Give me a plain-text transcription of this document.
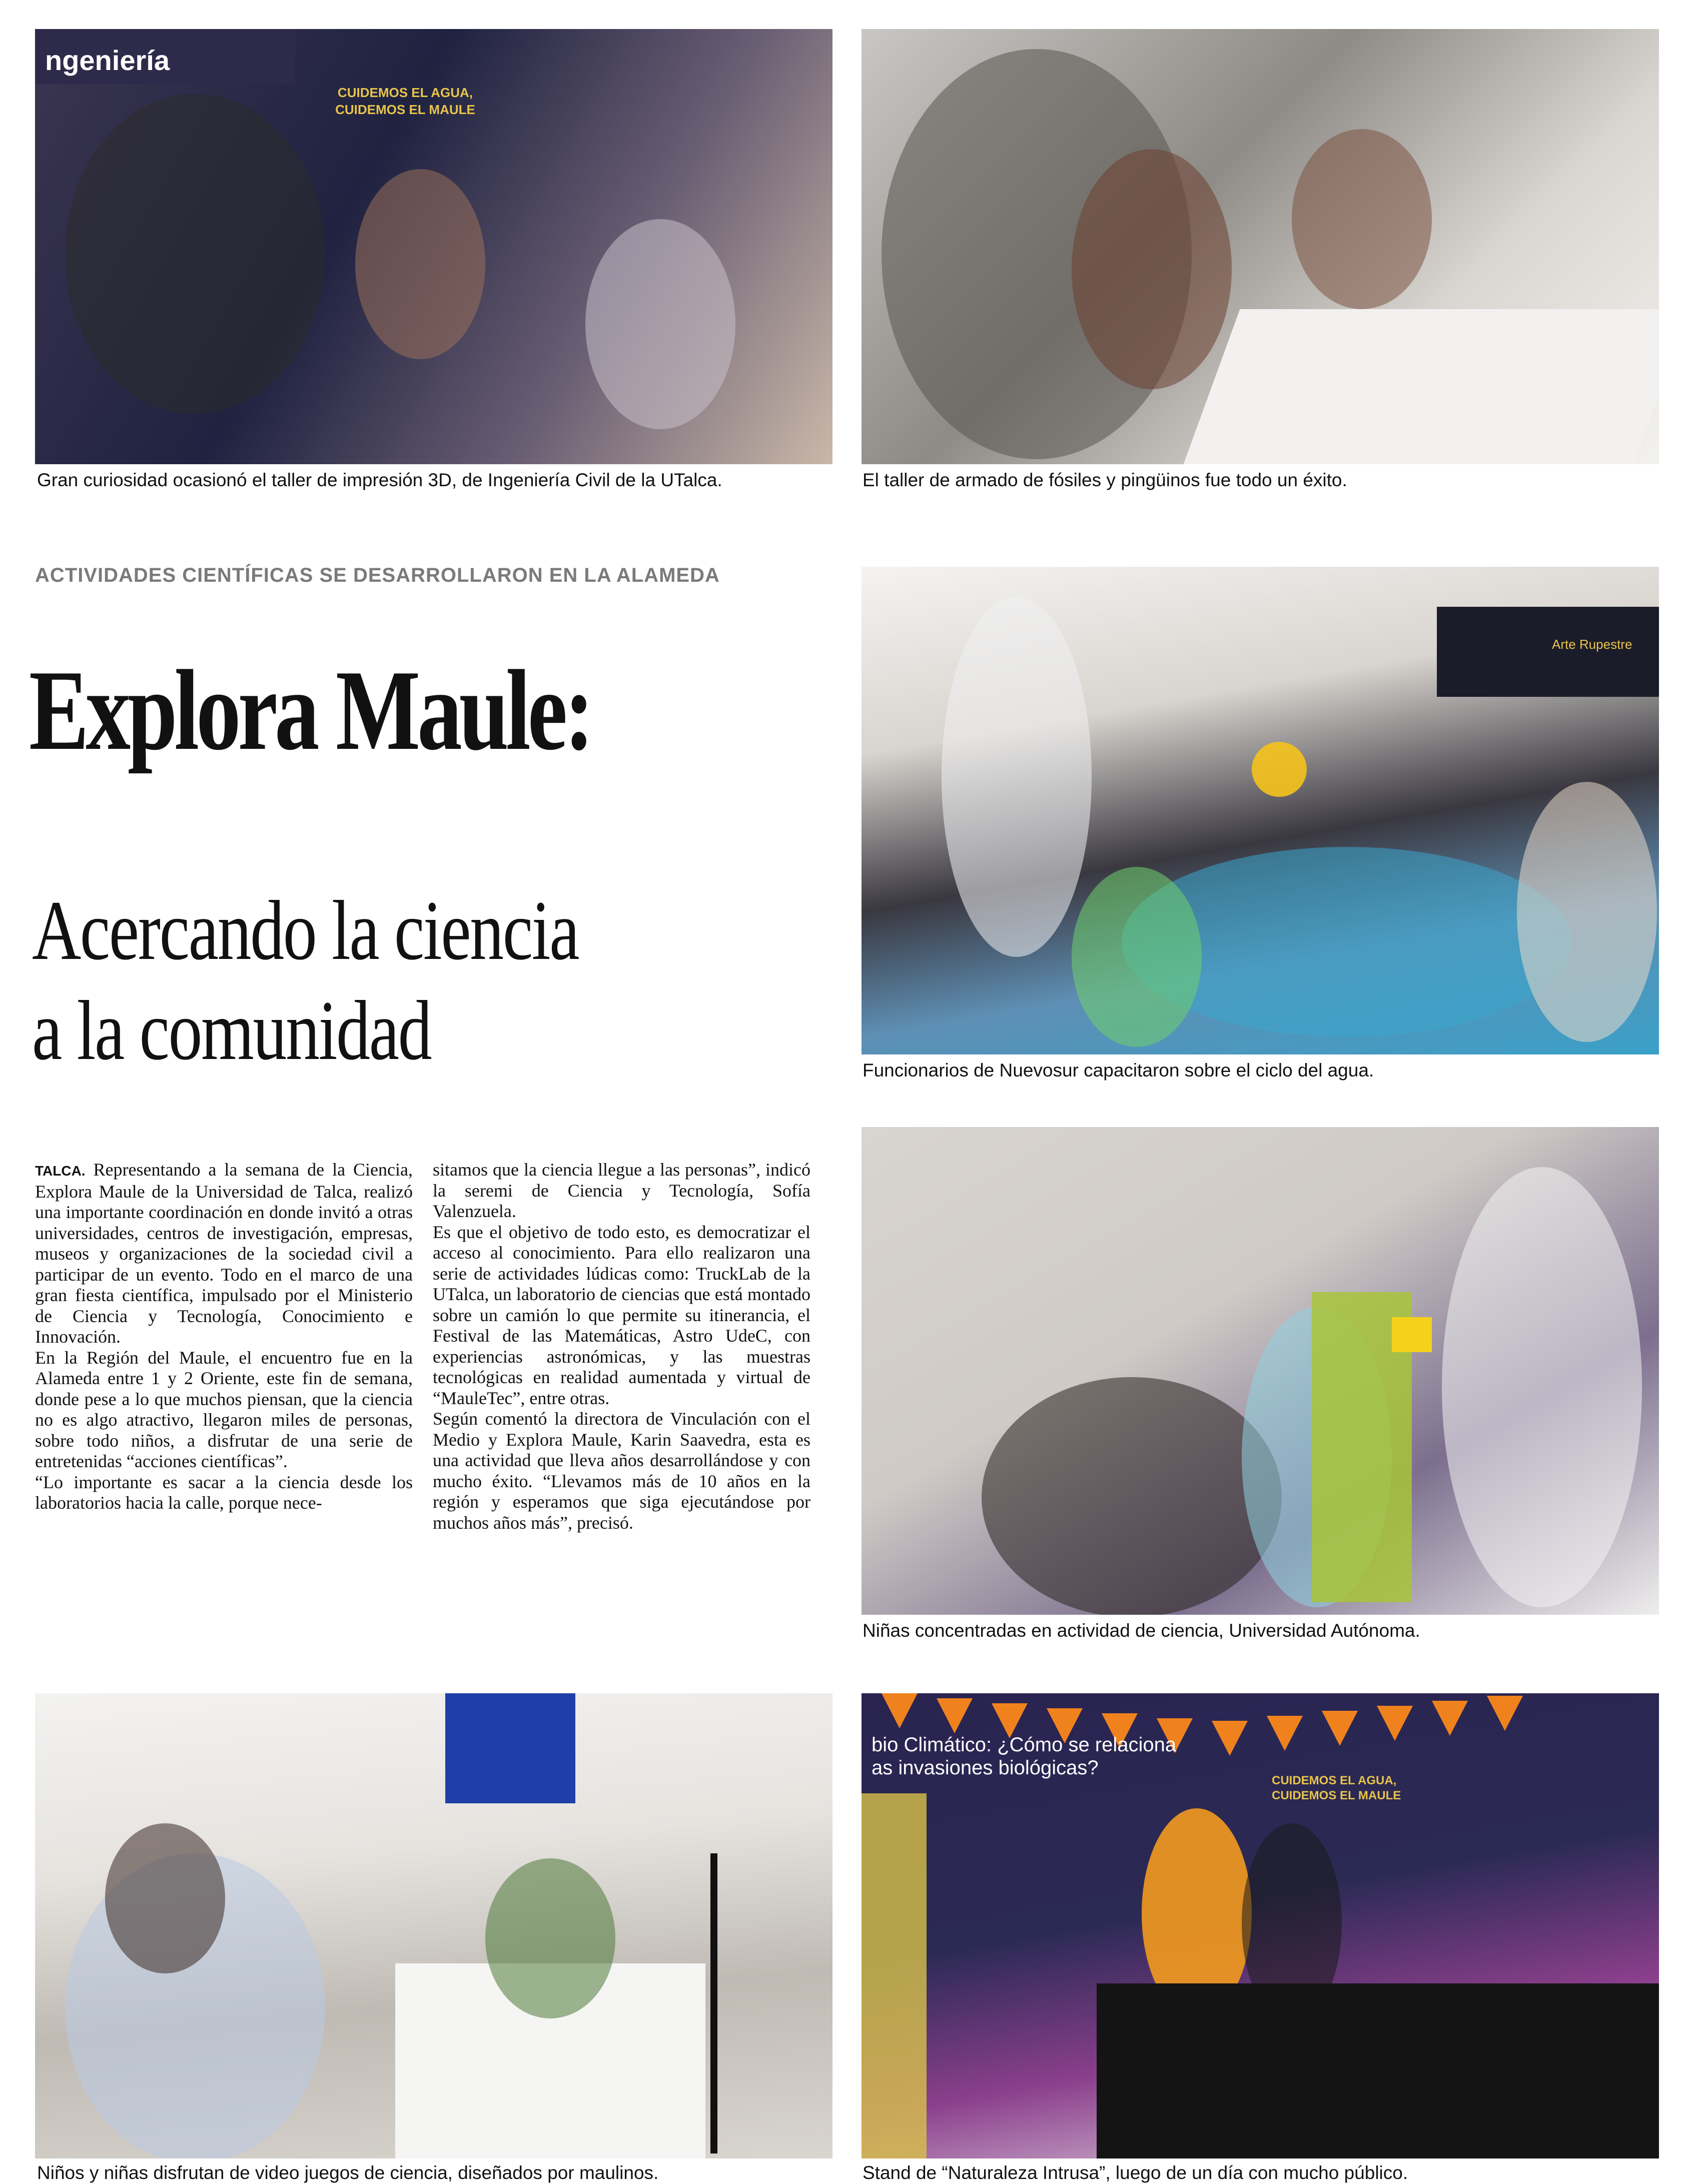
ngeniería
CUIDEMOS EL AGUA,
CUIDEMOS EL MAULE
Gran curiosidad ocasionó el taller de impresión 3D, de Ingeniería Civil de la UTalca.	El taller de armado de fósiles y pingüinos fue todo un éxito.
ACTIVIDADES CIENTÍFICAS SE DESARROLLARON EN LA ALAMEDA
Explora Maule:
Acercando la ciencia
a la comunidad
Arte Rupestre
Funcionarios de Nuevosur capacitaron sobre el ciclo del agua.
Niñas concentradas en actividad de ciencia, Universidad Autónoma.

TALCA. Representando a la semana de la Ciencia, Explora Maule de la Universidad de Talca, realizó una importante coordinación en donde invitó a otras universidades, centros de investigación, empresas, museos y organizaciones de la sociedad civil a participar de un evento. Todo en el marco de una gran fiesta científica, impulsado por el Ministerio de Ciencia y Tecnología, Conocimiento e Innovación.

En la Región del Maule, el encuentro fue en la Alameda entre 1 y 2 Oriente, este fin de semana, donde pese a lo que muchos piensan, que la ciencia no es algo atractivo, llegaron miles de personas, sobre todo niños, a disfrutar de una serie de entretenidas “acciones científicas”.

“Lo importante es sacar a la ciencia desde los laboratorios hacia la calle, porque nece-

sitamos que la ciencia llegue a las personas”, indicó la seremi de Ciencia y Tecnología, Sofía Valenzuela.

Es que el objetivo de todo esto, es democratizar el acceso al conocimiento. Para ello realizaron una serie de actividades lúdicas como: TruckLab de la UTalca, un laboratorio de ciencias que está montado sobre un camión lo que permite su itinerancia, el Festival de las Matemáticas, Astro UdeC, con experiencias astronómicas, y las muestras tecnológicas en realidad aumentada y virtual de “MauleTec”, entre otras.

Según comentó la directora de Vinculación con el Medio y Explora Maule, Karin Saavedra, esta es una actividad que lleva años desarrollándose y con mucho éxito. “Llevamos más de 10 años en la región y esperamos que siga ejecutándose por muchos años más”, precisó.

Niños y niñas disfrutan de video juegos de ciencia, diseñados por maulinos.
bio Climático: ¿Cómo se relaciona
as invasiones biológicas?
CUIDEMOS EL AGUA,
CUIDEMOS EL MAULE
Stand de “Naturaleza Intrusa”, luego de un día con mucho público.
